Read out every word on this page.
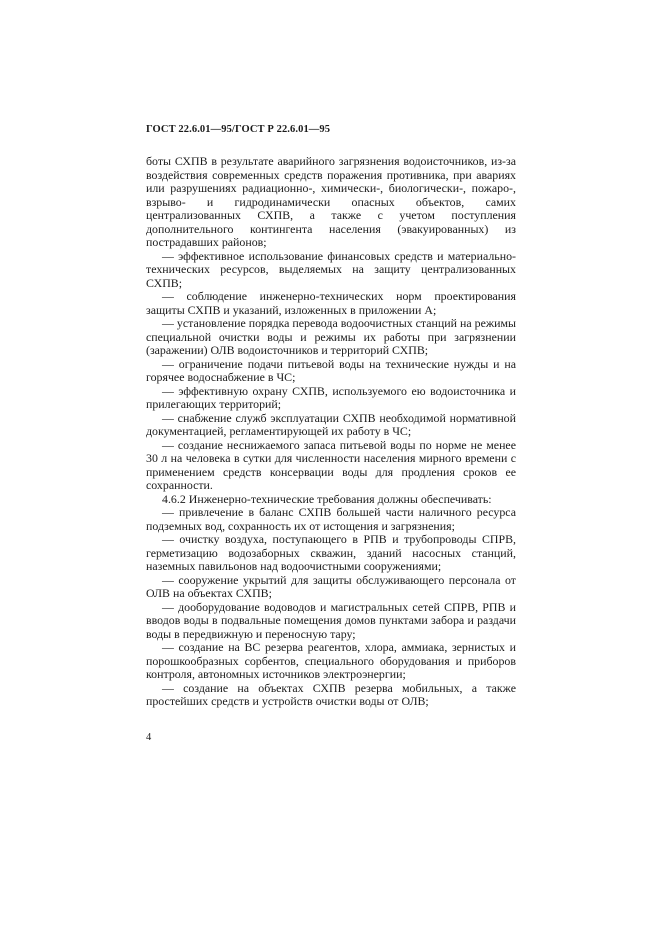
ГОСТ 22.6.01—95/ГОСТ Р 22.6.01—95

боты СХПВ в результате аварийного загрязнения водоисточников, из-за воздействия современных средств поражения противника, при авариях или разрушениях радиационно-, химически-, биологически-, пожаро-, взрыво- и гидродинамически опасных объектов, самих централизованных СХПВ, а также с учетом поступления дополнительного контингента населения (эвакуированных) из пострадавших районов;

— эффективное использование финансовых средств и материально-технических ресурсов, выделяемых на защиту централизованных СХПВ;

— соблюдение инженерно-технических норм проектирования защиты СХПВ и указаний, изложенных в приложении А;

— установление порядка перевода водоочистных станций на режимы специальной очистки воды и режимы их работы при загрязнении (заражении) ОЛВ водоисточников и территорий СХПВ;

— ограничение подачи питьевой воды на технические нужды и на горячее водоснабжение в ЧС;

— эффективную охрану СХПВ, используемого ею водоисточника и прилегающих территорий;

— снабжение служб эксплуатации СХПВ необходимой нормативной документацией, регламентирующей их работу в ЧС;

— создание неснижаемого запаса питьевой воды по норме не менее 30 л на человека в сутки для численности населения мирного времени с применением средств консервации воды для продления сроков ее сохранности.

4.6.2 Инженерно-технические требования должны обеспечивать:

— привлечение в баланс СХПВ большей части наличного ресурса подземных вод, сохранность их от истощения и загрязнения;

— очистку воздуха, поступающего в РПВ и трубопроводы СПРВ, герметизацию водозаборных скважин, зданий насосных станций, наземных павильонов над водоочистными сооружениями;

— сооружение укрытий для защиты обслуживающего персонала от ОЛВ на объектах СХПВ;

— дооборудование водоводов и магистральных сетей СПРВ, РПВ и вводов воды в подвальные помещения домов пунктами забора и раздачи воды в передвижную и переносную тару;

— создание на ВС резерва реагентов, хлора, аммиака, зернистых и порошкообразных сорбентов, специального оборудования и приборов контроля, автономных источников электроэнергии;

— создание на объектах СХПВ резерва мобильных, а также простейших средств и устройств очистки воды от ОЛВ;

4
